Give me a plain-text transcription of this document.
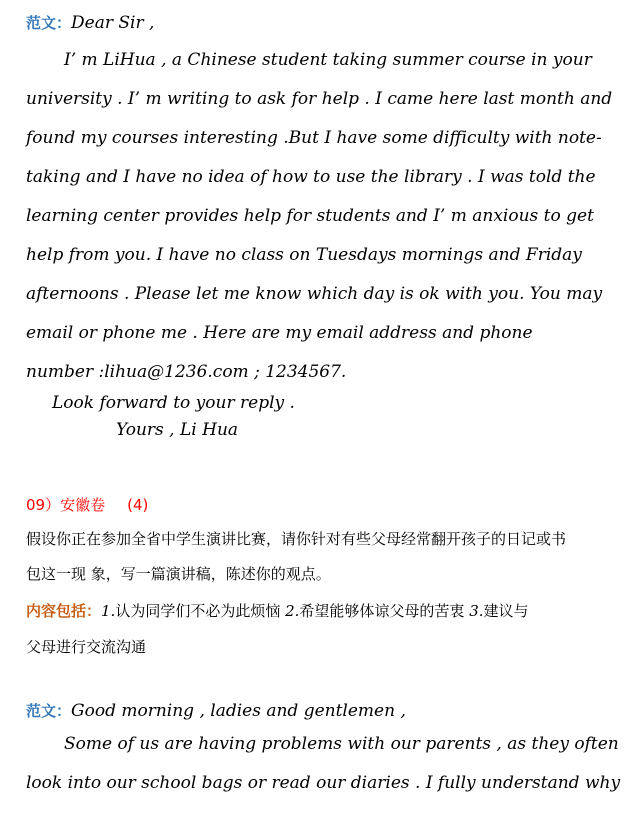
范文：Dear Sir ,
I’ m LiHua , a Chinese student taking summer course in your
university . I’ m writing to ask for help . I came here last month and
found my courses interesting .But I have some difficulty with note-
taking and I have no idea of how to use the library . I was told the
learning center provides help for students and I’ m anxious to get
help from you. I have no class on Tuesdays mornings and Friday
afternoons . Please let me know which day is ok with you. You may
email or phone me . Here are my email address and phone
number :lihua@1236.com ; 1234567.
Look forward to your reply .
Yours , Li Hua
09）安徽卷 (4)
假设你正在参加全省中学生演讲比赛，请你针对有些父母经常翻开孩子的日记或书
包这一现 象，写一篇演讲稿，陈述你的观点。
内容包括：1.认为同学们不必为此烦恼 2.希望能够体谅父母的苦衷 3.建议与
父母进行交流沟通
范文：Good morning , ladies and gentlemen ,
Some of us are having problems with our parents , as they often
look into our school bags or read our diaries . I fully understand why
